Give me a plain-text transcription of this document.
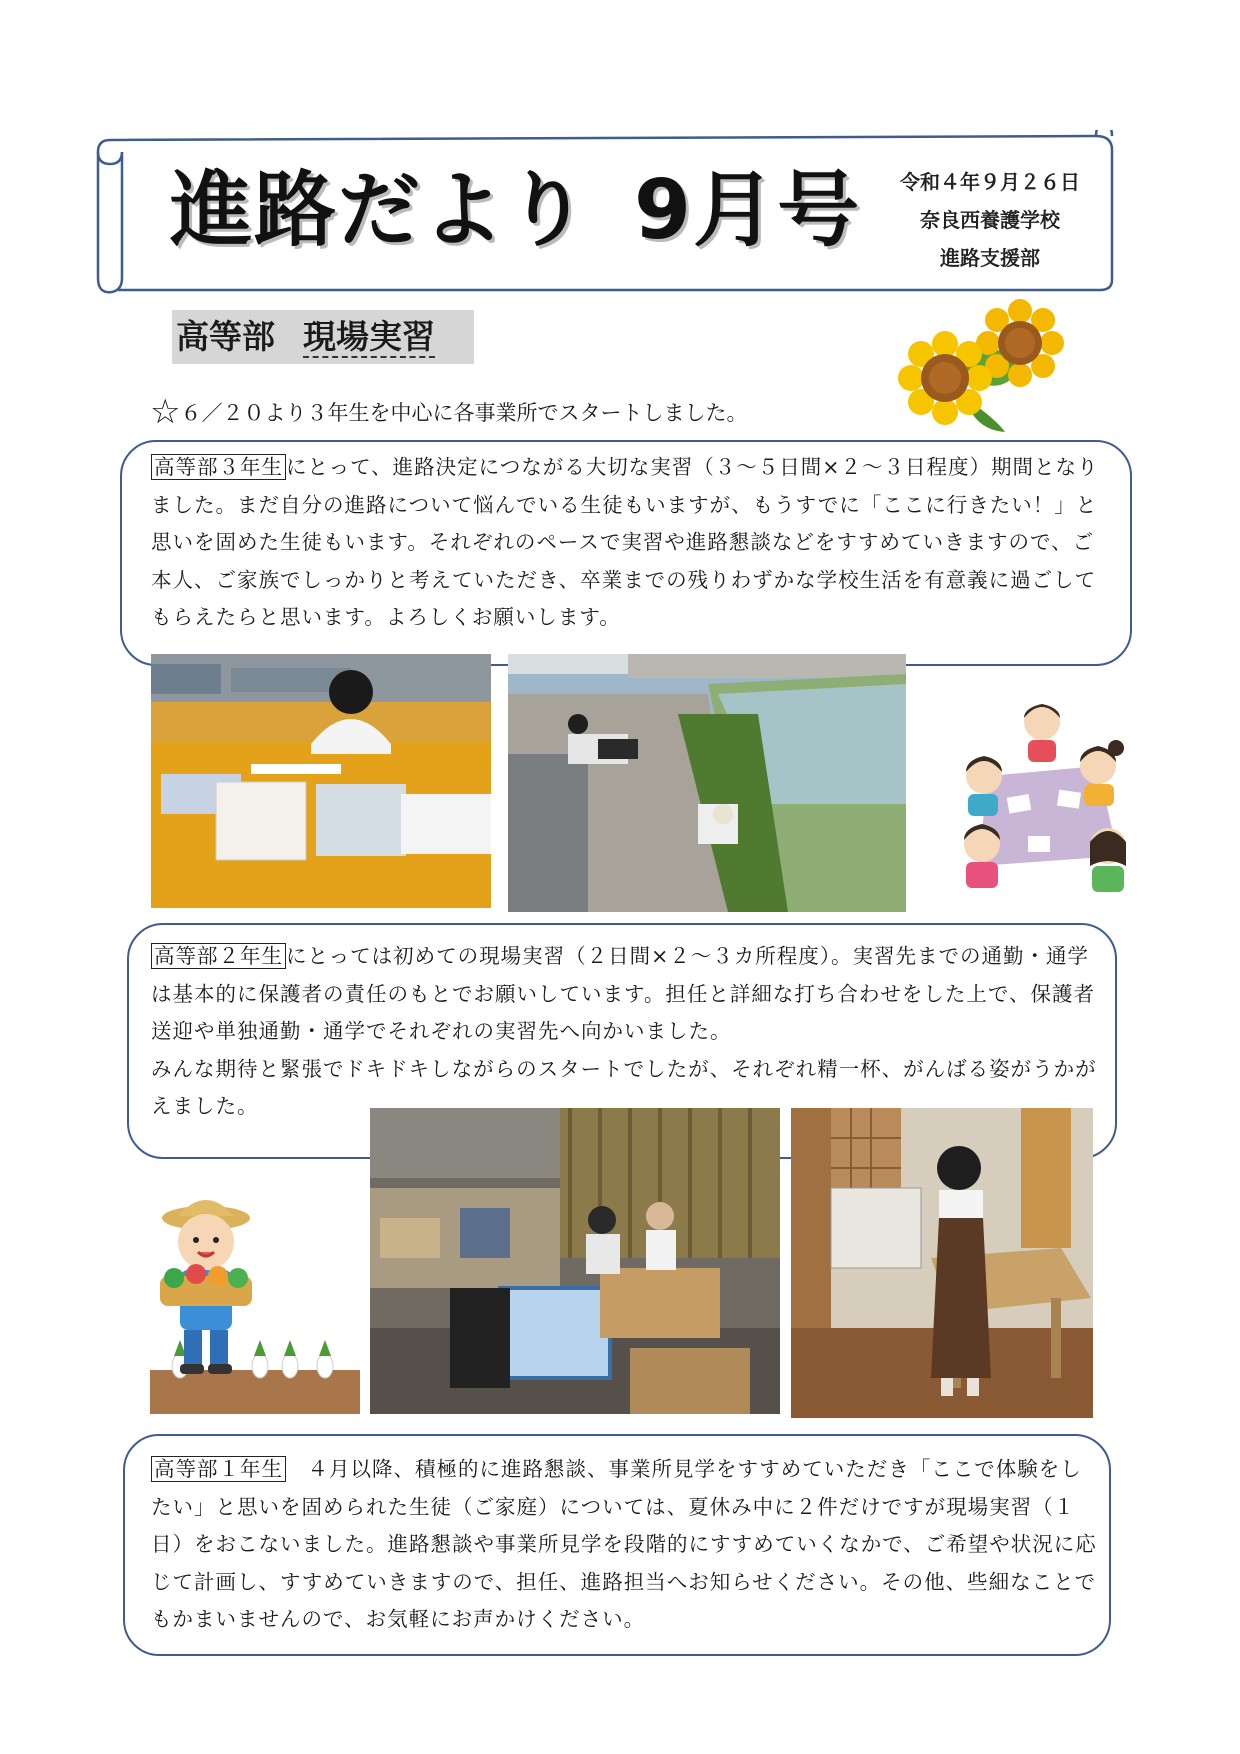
進路だより 9月号	令和４年９月２６日
奈良西養護学校
進路支援部
高等部 現場実習
☆６／２０より３年生を中心に各事業所でスタートしました。
高等部３年生 にとって、進路決定につながる大切な実習（３～５日間×２～３日程度）期間となりました。まだ自分の進路について悩んでいる生徒もいますが、もうすでに「ここに行きたい！」と思いを固めた生徒もいます。それぞれのペースで実習や進路懇談などをすすめていきますので、ご本人、ご家族でしっかりと考えていただき、卒業までの残りわずかな学校生活を有意義に過ごしてもらえたらと思います。よろしくお願いします。
高等部２年生 にとっては初めての現場実習（２日間×２～３カ所程度）。実習先までの通勤・通学は基本的に保護者の責任のもとでお願いしています。担任と詳細な打ち合わせをした上で、保護者送迎や単独通勤・通学でそれぞれの実習先へ向かいました。
みんな期待と緊張でドキドキしながらのスタートでしたが、それぞれ精一杯、がんばる姿がうかがえました。
高等部１年生　４月以降、積極的に進路懇談、事業所見学をすすめていただき「ここで体験をしたい」と思いを固められた生徒（ご家庭）については、夏休み中に２件だけですが現場実習（１日）をおこないました。進路懇談や事業所見学を段階的にすすめていくなかで、ご希望や状況に応じて計画し、すすめていきますので、担任、進路担当へお知らせください。その他、些細なことでもかまいませんので、お気軽にお声かけください。
